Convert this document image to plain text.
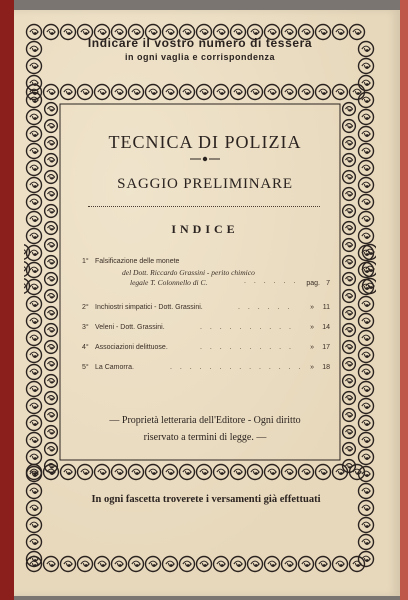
Indicare il vostro numero di tessera
in ogni vaglia e corrispondenza
TECNICA DI POLIZIA
SAGGIO PRELIMINARE
INDICE
1° Falsificazione delle monete
del Dott. Riccardo Grassini - perito chimico
legale T. Colonnello di C.	. . . . . . pag. 7
2° Inchiostri simpatici - Dott. Grassini.	. . . . . .	» 11
3° Veleni - Dott. Grassini.	. . . . . . . . . . » 14
4° Associazioni delittuose.	. . . . . . . . . . » 17
5° La Camorra.	. . . . . . . . . . . . . . » 18
— Proprietà letteraria dell'Editore - Ogni diritto
riservato a termini di legge. —
In ogni fascetta troverete i versamenti già effettuati
